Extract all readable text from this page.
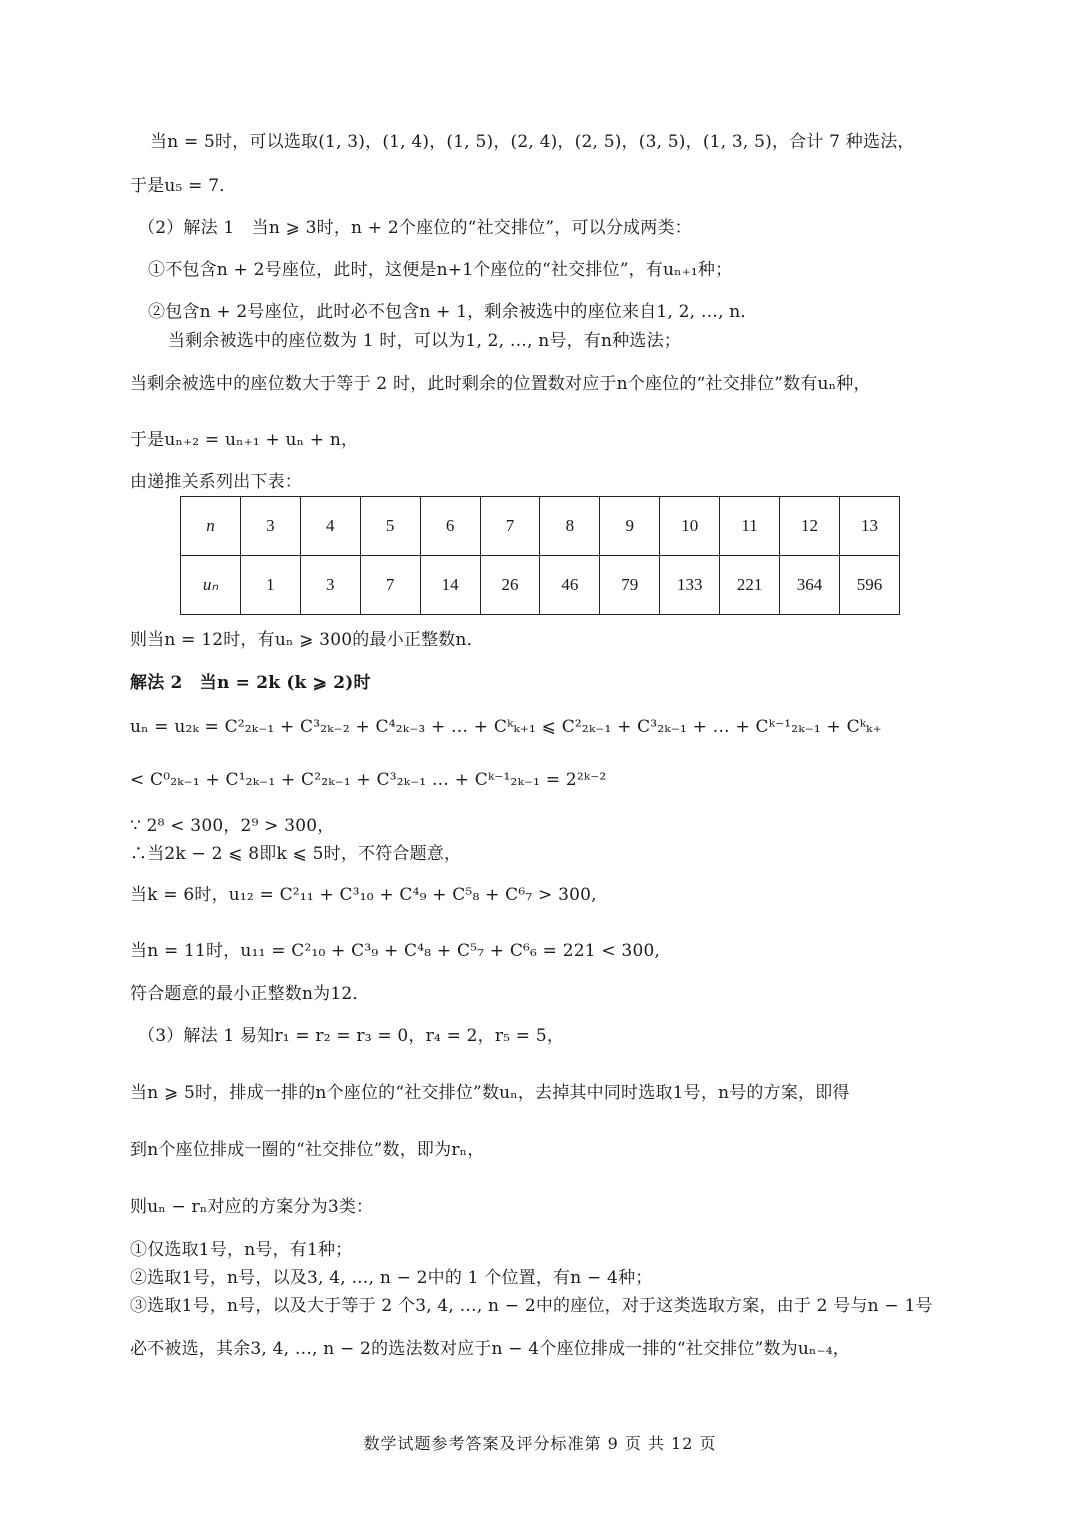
当n = 5时，可以选取(1, 3)，(1, 4)，(1, 5)，(2, 4)，(2, 5)，(3, 5)，(1, 3, 5)，合计 7 种选法，
于是u₅ = 7．
（2）解法 1　当n ⩾ 3时，n + 2个座位的“社交排位”，可以分成两类：
①不包含n + 2号座位，此时，这便是n+1个座位的“社交排位”，有uₙ₊₁种；
②包含n + 2号座位，此时必不包含n + 1，剩余被选中的座位来自1, 2, …, n．
当剩余被选中的座位数为 1 时，可以为1, 2, …, n号，有n种选法；
当剩余被选中的座位数大于等于 2 时，此时剩余的位置数对应于n个座位的“社交排位”数有uₙ种，
于是uₙ₊₂ = uₙ₊₁ + uₙ + n，
由递推关系列出下表：
n	3	4	5	6	7	8	9	10	11	12	13
uₙ	1	3	7	14	26	46	79	133	221	364	596
则当n = 12时，有uₙ ⩾ 300的最小正整数n．
解法 2　当n = 2k (k ⩾ 2)时
uₙ = u₂ₖ = C²₂ₖ₋₁ + C³₂ₖ₋₂ + C⁴₂ₖ₋₃ + … + Cᵏₖ₊₁ ⩽ C²₂ₖ₋₁ + C³₂ₖ₋₁ + … + Cᵏ⁻¹₂ₖ₋₁ + Cᵏₖ₊
< C⁰₂ₖ₋₁ + C¹₂ₖ₋₁ + C²₂ₖ₋₁ + C³₂ₖ₋₁ … + Cᵏ⁻¹₂ₖ₋₁ = 2²ᵏ⁻²
∵ 2⁸ < 300，2⁹ > 300，
∴当2k − 2 ⩽ 8即k ⩽ 5时，不符合题意，
当k = 6时，u₁₂ = C²₁₁ + C³₁₀ + C⁴₉ + C⁵₈ + C⁶₇ > 300,
当n = 11时，u₁₁ = C²₁₀ + C³₉ + C⁴₈ + C⁵₇ + C⁶₆ = 221 < 300,
符合题意的最小正整数n为12．
（3）解法 1 易知r₁ = r₂ = r₃ = 0，r₄ = 2，r₅ = 5，
当n ⩾ 5时，排成一排的n个座位的“社交排位”数uₙ，去掉其中同时选取1号，n号的方案，即得
到n个座位排成一圈的“社交排位”数，即为rₙ，
则uₙ − rₙ对应的方案分为3类：
①仅选取1号，n号，有1种；
②选取1号，n号，以及3, 4, …, n − 2中的 1 个位置，有n − 4种；
③选取1号，n号，以及大于等于 2 个3, 4, …, n − 2中的座位，对于这类选取方案，由于 2 号与n − 1号
必不被选，其余3, 4, …, n − 2的选法数对应于n − 4个座位排成一排的“社交排位”数为uₙ₋₄，
数学试题参考答案及评分标准第 9 页 共 12 页
